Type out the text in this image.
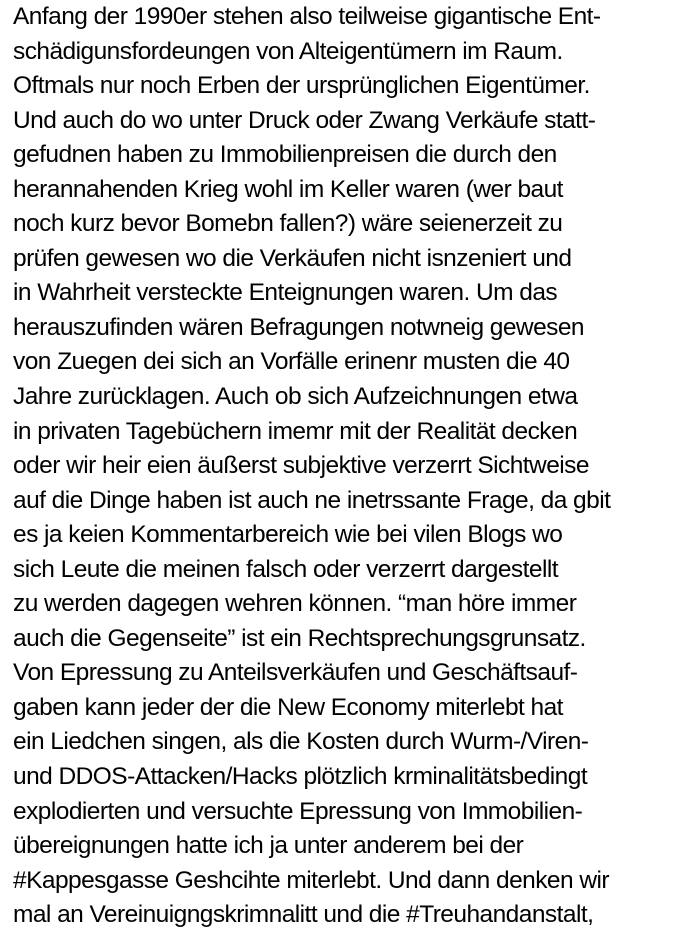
Anfang der 1990er stehen also teilweise gigantische Ent-
schädigunsfordeungen von Alteigentümern im Raum.
Oftmals nur noch Erben der ursprünglichen Eigentümer.
Und auch do wo unter Druck oder Zwang Verkäufe statt-
gefudnen haben zu Immobilienpreisen die durch den
herannahenden Krieg wohl im Keller waren (wer baut
noch kurz bevor Bomebn fallen?) wäre seienerzeit zu
prüfen gewesen wo die Verkäufen nicht isnzeniert und
in Wahrheit versteckte Enteignungen waren. Um das
herauszufinden wären Befragungen notwneig gewesen
von Zuegen dei sich an Vorfälle erinenr musten die 40
Jahre zurücklagen. Auch ob sich Aufzeichnungen etwa
in privaten Tagebüchern imemr mit der Realität decken
oder wir heir eien äußerst subjektive verzerrt Sichtweise
auf die Dinge haben ist auch ne inetrssante Frage, da gbit
es ja keien Kommentarbereich wie bei vilen Blogs wo
sich Leute die meinen falsch oder verzerrt dargestellt
zu werden dagegen wehren können. “man höre immer
auch die Gegenseite” ist ein Rechtsprechungsgrunsatz.
Von Epressung zu Anteilsverkäufen und Geschäftsauf-
gaben kann jeder der die New Economy miterlebt hat
ein Liedchen singen, als die Kosten durch Wurm-/Viren-
und DDOS-Attacken/Hacks plötzlich krminalitätsbedingt
explodierten und versuchte Epressung von Immobilien-
übereignungen hatte ich ja unter anderem bei der
#Kappesgasse Geshcihte miterlebt. Und dann denken wir
mal an Vereinuigngskrimnalitt und die #Treuhandanstalt,
